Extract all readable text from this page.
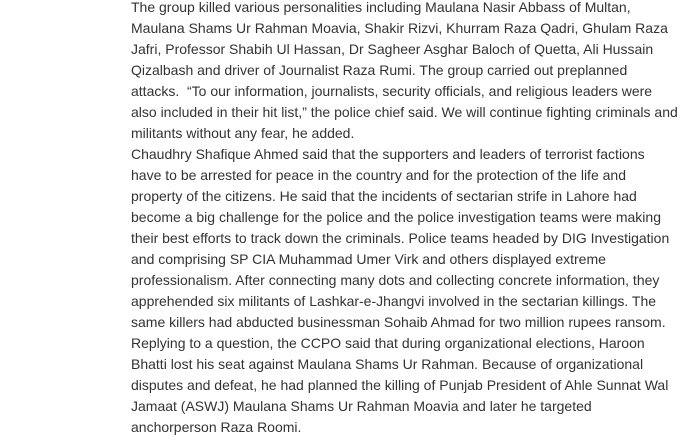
The group killed various personalities including Maulana Nasir Abbass of Multan,
Maulana Shams Ur Rahman Moavia, Shakir Rizvi, Khurram Raza Qadri, Ghulam Raza
Jafri, Professor Shabih Ul Hassan, Dr Sagheer Asghar Baloch of Quetta, Ali Hussain
Qizalbash and driver of Journalist Raza Rumi. The group carried out preplanned
attacks.  “To our information, journalists, security officials, and religious leaders were
also included in their hit list,” the police chief said. We will continue fighting criminals and
militants without any fear, he added.

Chaudhry Shafique Ahmed said that the supporters and leaders of terrorist factions
have to be arrested for peace in the country and for the protection of the life and
property of the citizens. He said that the incidents of sectarian strife in Lahore had
become a big challenge for the police and the police investigation teams were making
their best efforts to track down the criminals. Police teams headed by DIG Investigation
and comprising SP CIA Muhammad Umer Virk and others displayed extreme
professionalism. After connecting many dots and collecting concrete information, they
apprehended six militants of Lashkar-e-Jhangvi involved in the sectarian killings. The
same killers had abducted businessman Sohaib Ahmad for two million rupees ransom.
Replying to a question, the CCPO said that during organizational elections, Haroon
Bhatti lost his seat against Maulana Shams Ur Rahman. Because of organizational
disputes and defeat, he had planned the killing of Punjab President of Ahle Sunnat Wal
Jamaat (ASWJ) Maulana Shams Ur Rahman Moavia and later he targeted
anchorperson Raza Roomi.
